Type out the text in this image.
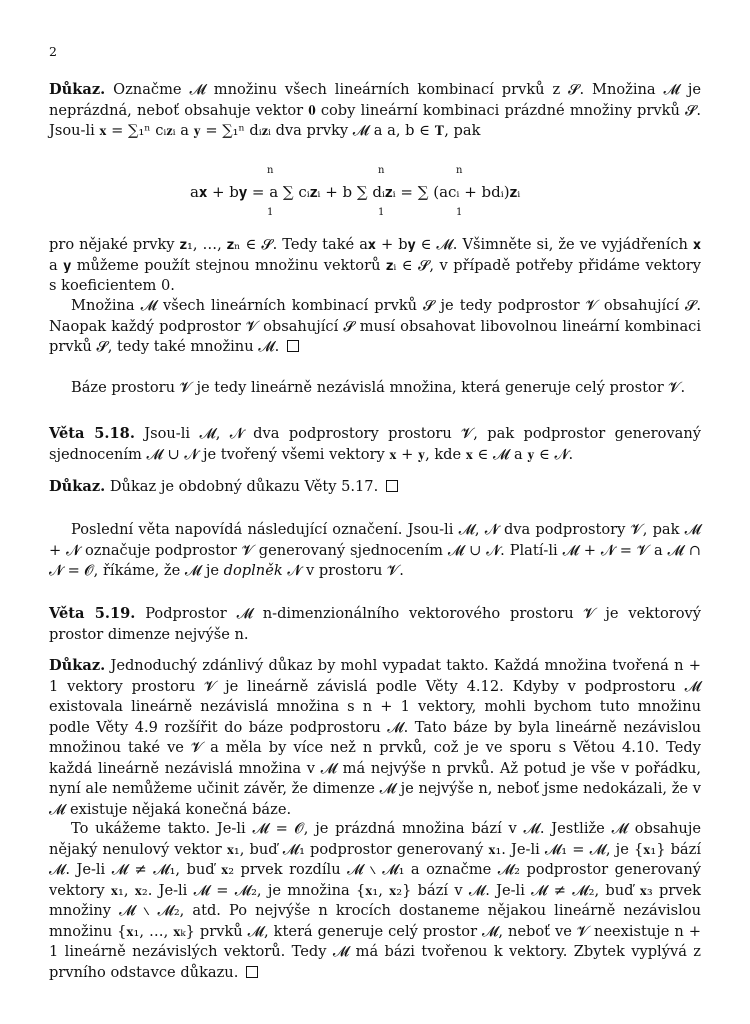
2

Důkaz. Označme 𝓜 množinu všech lineárních kombinací prvků z 𝓢. Množina 𝓜 je neprázdná, neboť obsahuje vektor 𝟎 coby lineární kombinaci prázdné množiny prvků 𝓢. Jsou-li 𝐱 = ∑₁ⁿ cᵢ𝐳ᵢ a 𝐲 = ∑₁ⁿ dᵢ𝐳ᵢ dva prvky 𝓜 a a, b ∈ 𝐓, pak

a𝐱 + b𝐲 = a ∑ cᵢ𝐳ᵢ + b ∑ dᵢ𝐳ᵢ = ∑ (acᵢ + bdᵢ)𝐳ᵢ
n
1
n
1
n
1

pro nějaké prvky 𝐳₁, …, 𝐳ₙ ∈ 𝓢. Tedy také a𝐱 + b𝐲 ∈ 𝓜. Všimněte si, že ve vyjádřeních 𝐱 a 𝐲 můžeme použít stejnou množinu vektorů 𝐳ᵢ ∈ 𝓢, v případě potřeby přidáme vektory s koeficientem 0.

Množina 𝓜 všech lineárních kombinací prvků 𝓢 je tedy podprostor 𝓥 obsahující 𝓢. Naopak každý podprostor 𝓥 obsahující 𝓢 musí obsahovat libovolnou lineární kombinaci prvků 𝓢, tedy také množinu 𝓜.

Báze prostoru 𝓥 je tedy lineárně nezávislá množina, která generuje celý prostor 𝓥.

Věta 5.18. Jsou-li 𝓜, 𝓝 dva podprostory prostoru 𝓥, pak podprostor generovaný sjednocením 𝓜 ∪ 𝓝 je tvořený všemi vektory 𝐱 + 𝐲, kde 𝐱 ∈ 𝓜 a 𝐲 ∈ 𝓝.

Důkaz. Důkaz je obdobný důkazu Věty 5.17.

Poslední věta napovídá následující označení. Jsou-li 𝓜, 𝓝 dva podprostory 𝓥, pak 𝓜 + 𝓝 označuje podprostor 𝓥 generovaný sjednocením 𝓜 ∪ 𝓝. Platí-li 𝓜 + 𝓝 = 𝓥 a 𝓜 ∩ 𝓝 = 𝓞, říkáme, že 𝓜 je doplněk 𝓝 v prostoru 𝓥.

Věta 5.19. Podprostor 𝓜 n-dimenzionálního vektorového prostoru 𝓥 je vektorový prostor dimenze nejvýše n.

Důkaz. Jednoduchý zdánlivý důkaz by mohl vypadat takto. Každá množina tvořená n + 1 vektory prostoru 𝓥 je lineárně závislá podle Věty 4.12. Kdyby v podprostoru 𝓜 existovala lineárně nezávislá množina s n + 1 vektory, mohli bychom tuto množinu podle Věty 4.9 rozšířit do báze podprostoru 𝓜. Tato báze by byla lineárně nezávislou množinou také ve 𝓥 a měla by více než n prvků, což je ve sporu s Větou 4.10. Tedy každá lineárně nezávislá množina v 𝓜 má nejvýše n prvků. Až potud je vše v pořádku, nyní ale nemůžeme učinit závěr, že dimenze 𝓜 je nejvýše n, neboť jsme nedokázali, že v 𝓜 existuje nějaká konečná báze.

To ukážeme takto. Je-li 𝓜 = 𝓞, je prázdná množina bází v 𝓜. Jestliže 𝓜 obsahuje nějaký nenulový vektor 𝐱₁, buď 𝓜₁ podprostor generovaný 𝐱₁. Je-li 𝓜₁ = 𝓜, je {𝐱₁} bází 𝓜. Je-li 𝓜 ≠ 𝓜₁, buď 𝐱₂ prvek rozdílu 𝓜 ∖ 𝓜₁ a označme 𝓜₂ podprostor generovaný vektory 𝐱₁, 𝐱₂. Je-li 𝓜 = 𝓜₂, je množina {𝐱₁, 𝐱₂} bází v 𝓜. Je-li 𝓜 ≠ 𝓜₂, buď 𝐱₃ prvek množiny 𝓜 ∖ 𝓜₂, atd. Po nejvýše n krocích dostaneme nějakou lineárně nezávislou množinu {𝐱₁, …, 𝐱ₖ} prvků 𝓜, která generuje celý prostor 𝓜, neboť ve 𝓥 neexistuje n + 1 lineárně nezávislých vektorů. Tedy 𝓜 má bázi tvořenou k vektory. Zbytek vyplývá z prvního odstavce důkazu.
